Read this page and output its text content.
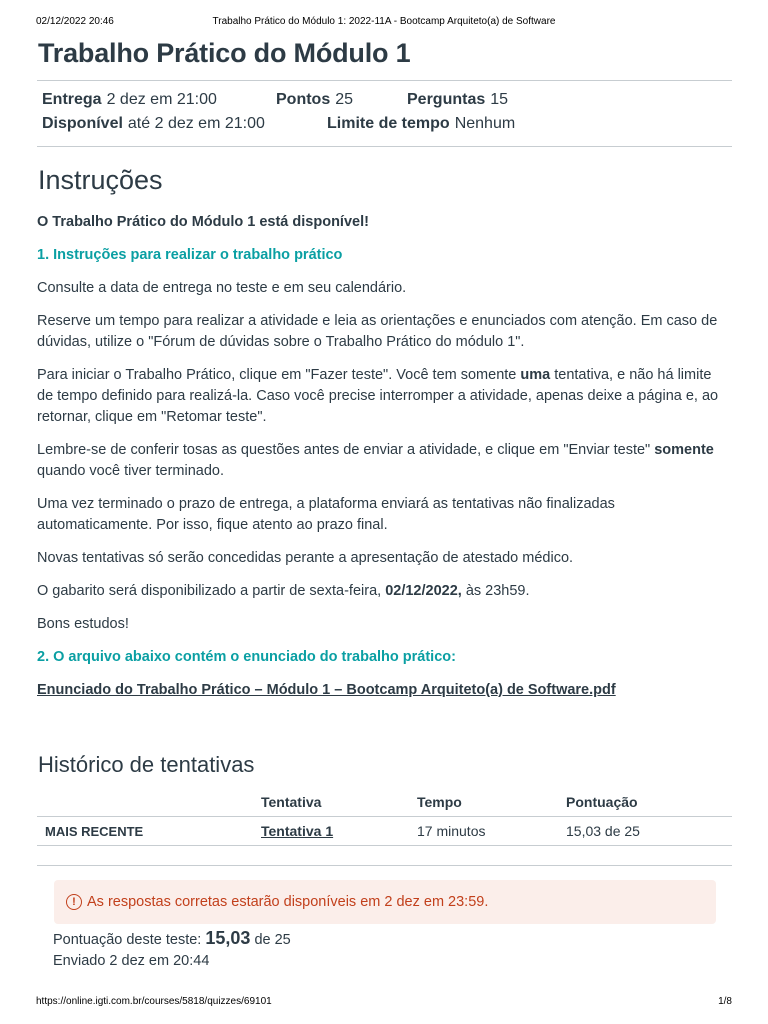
02/12/2022 20:46	Trabalho Prático do Módulo 1: 2022-11A - Bootcamp Arquiteto(a) de Software
Trabalho Prático do Módulo 1
Entrega 2 dez em 21:00	Pontos 25	Perguntas 15
Disponível até 2 dez em 21:00	Limite de tempo Nenhum
Instruções

O Trabalho Prático do Módulo 1 está disponível!

1. Instruções para realizar o trabalho prático

Consulte a data de entrega no teste e em seu calendário.

Reserve um tempo para realizar a atividade e leia as orientações e enunciados com atenção. Em caso de dúvidas, utilize o "Fórum de dúvidas sobre o Trabalho Prático do módulo 1".

Para iniciar o Trabalho Prático, clique em "Fazer teste". Você tem somente uma tentativa, e não há limite de tempo definido para realizá-la. Caso você precise interromper a atividade, apenas deixe a página e, ao retornar, clique em "Retomar teste".

Lembre-se de conferir tosas as questões antes de enviar a atividade, e clique em "Enviar teste" somente quando você tiver terminado.

Uma vez terminado o prazo de entrega, a plataforma enviará as tentativas não finalizadas automaticamente. Por isso, fique atento ao prazo final.

Novas tentativas só serão concedidas perante a apresentação de atestado médico.

O gabarito será disponibilizado a partir de sexta-feira, 02/12/2022, às 23h59.

Bons estudos!

2. O arquivo abaixo contém o enunciado do trabalho prático:

Enunciado do Trabalho Prático – Módulo 1 – Bootcamp Arquiteto(a) de Software.pdf

Histórico de tentativas
	Tentativa	Tempo	Pontuação
MAIS RECENTE	Tentativa 1	17 minutos	15,03 de 25
! As respostas corretas estarão disponíveis em 2 dez em 23:59.
Pontuação deste teste: 15,03 de 25
Enviado 2 dez em 20:44
https://online.igti.com.br/courses/5818/quizzes/69101	1/8
